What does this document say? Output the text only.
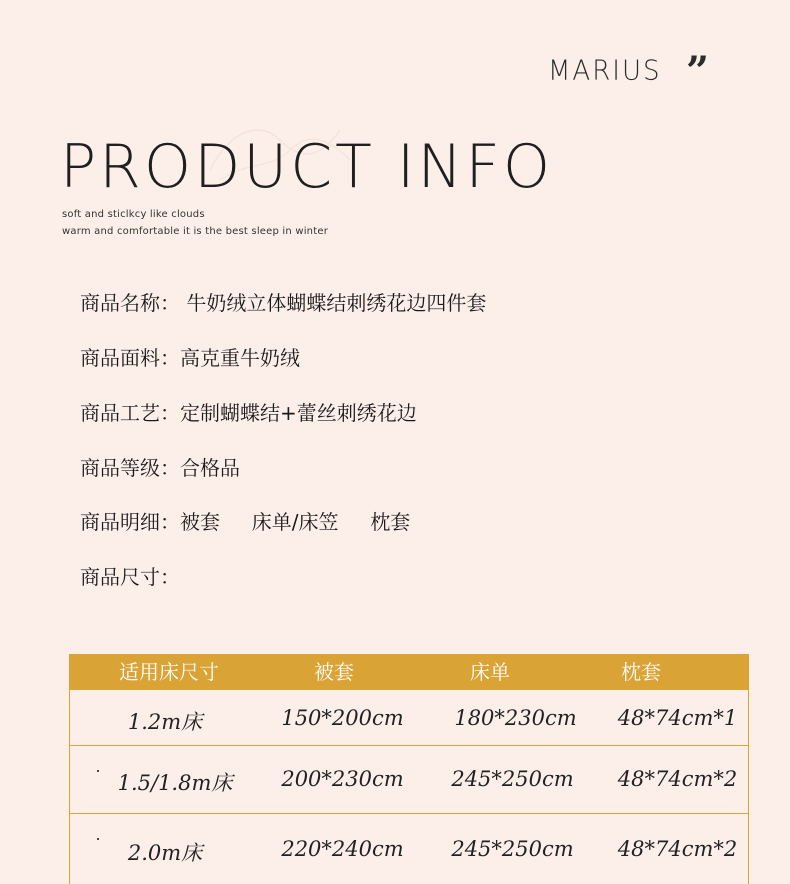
MARIUS ”
PRODUCT INFO
soft and sticlkcy like clouds
warm and comfortable it is the best sleep in winter
商品名称： 牛奶绒立体蝴蝶结刺绣花边四件套
商品面料：高克重牛奶绒
商品工艺：定制蝴蝶结+蕾丝刺绣花边
商品等级：合格品
商品明细：被套     床单/床笠     枕套
商品尺寸：
适用床尺寸	被套	床单	枕套
1.2m床	150*200cm	180*230cm	48*74cm*1
1.5/1.8m床	200*230cm	245*250cm	48*74cm*2
2.0m床	220*240cm	245*250cm	48*74cm*2
